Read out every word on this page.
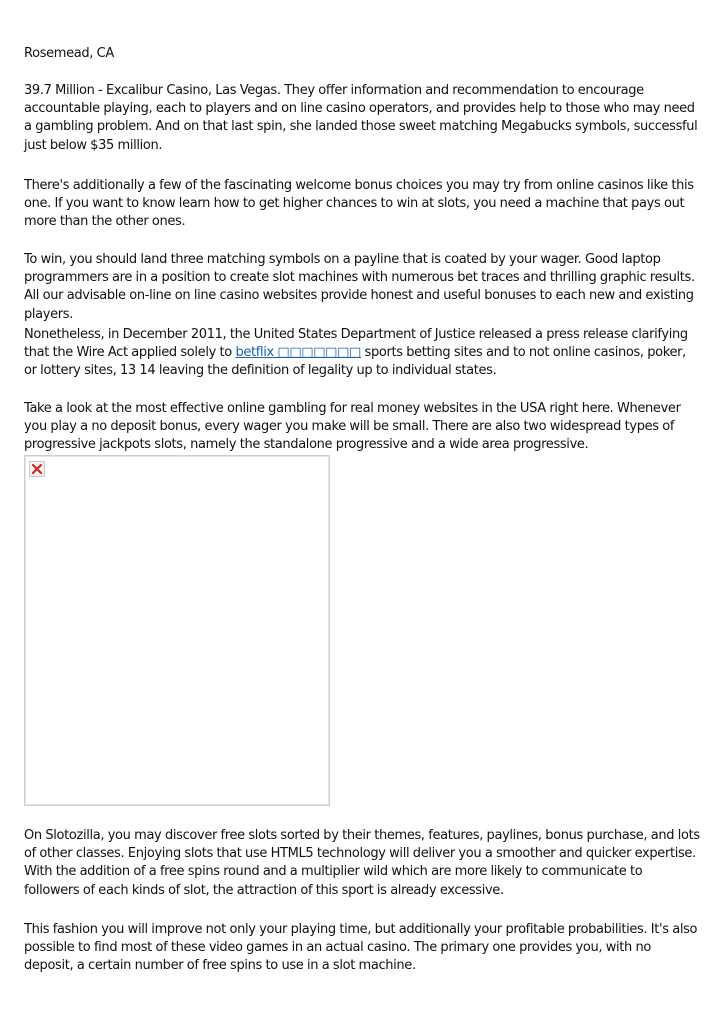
Rosemead, CA

39.7 Million - Excalibur Casino, Las Vegas. They offer information and recommendation to encourage accountable playing, each to players and on line casino operators, and provides help to those who may need a gambling problem. And on that last spin, she landed those sweet matching Megabucks symbols, successful just below $35 million.

There's additionally a few of the fascinating welcome bonus choices you may try from online casinos like this one. If you want to know learn how to get higher chances to win at slots, you need a machine that pays out more than the other ones.

To win, you should land three matching symbols on a payline that is coated by your wager. Good laptop programmers are in a position to create slot machines with numerous bet traces and thrilling graphic results. All our advisable on-line on line casino websites provide honest and useful bonuses to each new and existing players.

Nonetheless, in December 2011, the United States Department of Justice released a press release clarifying that the Wire Act applied solely to betflix □□□□□□□ sports betting sites and to not online casinos, poker, or lottery sites, 13 14 leaving the definition of legality up to individual states.

Take a look at the most effective online gambling for real money websites in the USA right here. Whenever you play a no deposit bonus, every wager you make will be small. There are also two widespread types of progressive jackpots slots, namely the standalone progressive and a wide area progressive.

On Slotozilla, you may discover free slots sorted by their themes, features, paylines, bonus purchase, and lots of other classes. Enjoying slots that use HTML5 technology will deliver you a smoother and quicker expertise. With the addition of a free spins round and a multiplier wild which are more likely to communicate to followers of each kinds of slot, the attraction of this sport is already excessive.

This fashion you will improve not only your playing time, but additionally your profitable probabilities. It's also possible to find most of these video games in an actual casino. The primary one provides you, with no deposit, a certain number of free spins to use in a slot machine.
